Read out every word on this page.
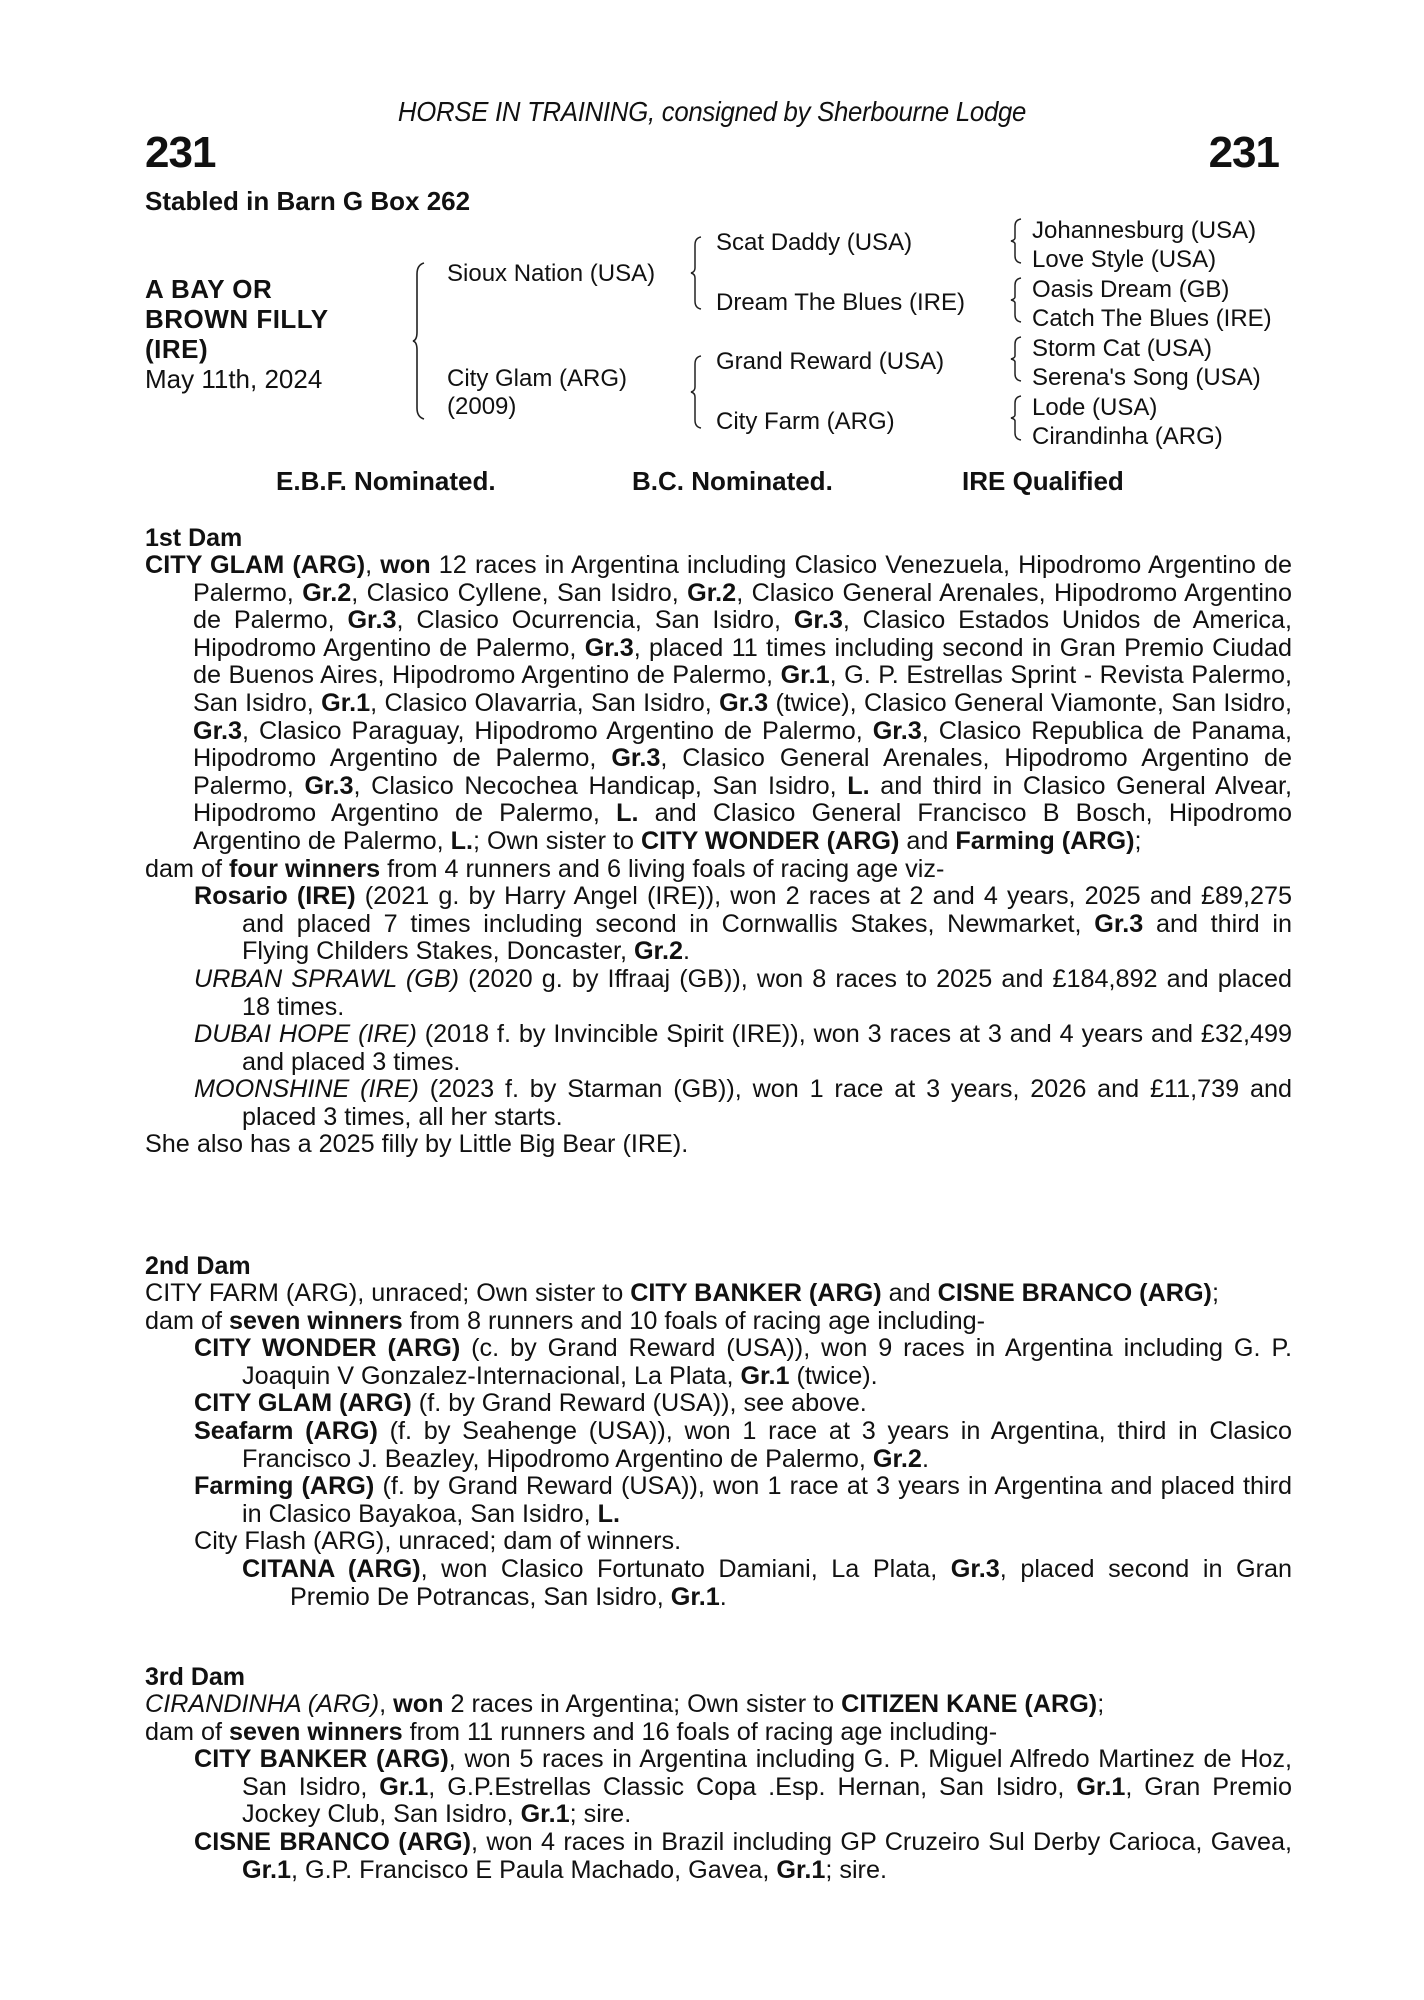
HORSE IN TRAINING, consigned by Sherbourne Lodge
231	231
Stabled in Barn G Box 262
A BAY OR
BROWN FILLY
(IRE)
May 11th, 2024
Sioux Nation (USA)
City Glam (ARG)
(2009)
Scat Daddy (USA)
Dream The Blues (IRE)
Grand Reward (USA)
City Farm (ARG)
Johannesburg (USA)
Love Style (USA)
Oasis Dream (GB)
Catch The Blues (IRE)
Storm Cat (USA)
Serena's Song (USA)
Lode (USA)
Cirandinha (ARG)
E.B.F. Nominated.	B.C. Nominated.	IRE Qualified
1st Dam
CITY GLAM (ARG), won 12 races in Argentina including Clasico Venezuela, Hipodromo Argentino de Palermo, Gr.2, Clasico Cyllene, San Isidro, Gr.2, Clasico General Arenales, Hipodromo Argentino de Palermo, Gr.3, Clasico Ocurrencia, San Isidro, Gr.3, Clasico Estados Unidos de America, Hipodromo Argentino de Palermo, Gr.3, placed 11 times including second in Gran Premio Ciudad de Buenos Aires, Hipodromo Argentino de Palermo, Gr.1, G. P. Estrellas Sprint - Revista Palermo, San Isidro, Gr.1, Clasico Olavarria, San Isidro, Gr.3 (twice), Clasico General Viamonte, San Isidro, Gr.3, Clasico Paraguay, Hipodromo Argentino de Palermo, Gr.3, Clasico Republica de Panama, Hipodromo Argentino de Palermo, Gr.3, Clasico General Arenales, Hipodromo Argentino de Palermo, Gr.3, Clasico Necochea Handicap, San Isidro, L. and third in Clasico General Alvear, Hipodromo Argentino de Palermo, L. and Clasico General Francisco B Bosch, Hipodromo Argentino de Palermo, L.; Own sister to CITY WONDER (ARG) and Farming (ARG);
dam of four winners from 4 runners and 6 living foals of racing age viz-
Rosario (IRE) (2021 g. by Harry Angel (IRE)), won 2 races at 2 and 4 years, 2025 and £89,275 and placed 7 times including second in Cornwallis Stakes, Newmarket, Gr.3 and third in Flying Childers Stakes, Doncaster, Gr.2.
URBAN SPRAWL (GB) (2020 g. by Iffraaj (GB)), won 8 races to 2025 and £184,892 and placed 18 times.
DUBAI HOPE (IRE) (2018 f. by Invincible Spirit (IRE)), won 3 races at 3 and 4 years and £32,499 and placed 3 times.
MOONSHINE (IRE) (2023 f. by Starman (GB)), won 1 race at 3 years, 2026 and £11,739 and placed 3 times, all her starts.
She also has a 2025 filly by Little Big Bear (IRE).
2nd Dam
CITY FARM (ARG), unraced; Own sister to CITY BANKER (ARG) and CISNE BRANCO (ARG);
dam of seven winners from 8 runners and 10 foals of racing age including-
CITY WONDER (ARG) (c. by Grand Reward (USA)), won 9 races in Argentina including G. P. Joaquin V Gonzalez-Internacional, La Plata, Gr.1 (twice).
CITY GLAM (ARG) (f. by Grand Reward (USA)), see above.
Seafarm (ARG) (f. by Seahenge (USA)), won 1 race at 3 years in Argentina, third in Clasico Francisco J. Beazley, Hipodromo Argentino de Palermo, Gr.2.
Farming (ARG) (f. by Grand Reward (USA)), won 1 race at 3 years in Argentina and placed third in Clasico Bayakoa, San Isidro, L.
City Flash (ARG), unraced; dam of winners.
CITANA (ARG), won Clasico Fortunato Damiani, La Plata, Gr.3, placed second in Gran Premio De Potrancas, San Isidro, Gr.1.
3rd Dam
CIRANDINHA (ARG), won 2 races in Argentina; Own sister to CITIZEN KANE (ARG);
dam of seven winners from 11 runners and 16 foals of racing age including-
CITY BANKER (ARG), won 5 races in Argentina including G. P. Miguel Alfredo Martinez de Hoz, San Isidro, Gr.1, G.P.Estrellas Classic Copa .Esp. Hernan, San Isidro, Gr.1, Gran Premio Jockey Club, San Isidro, Gr.1; sire.
CISNE BRANCO (ARG), won 4 races in Brazil including GP Cruzeiro Sul Derby Carioca, Gavea, Gr.1, G.P. Francisco E Paula Machado, Gavea, Gr.1; sire.
